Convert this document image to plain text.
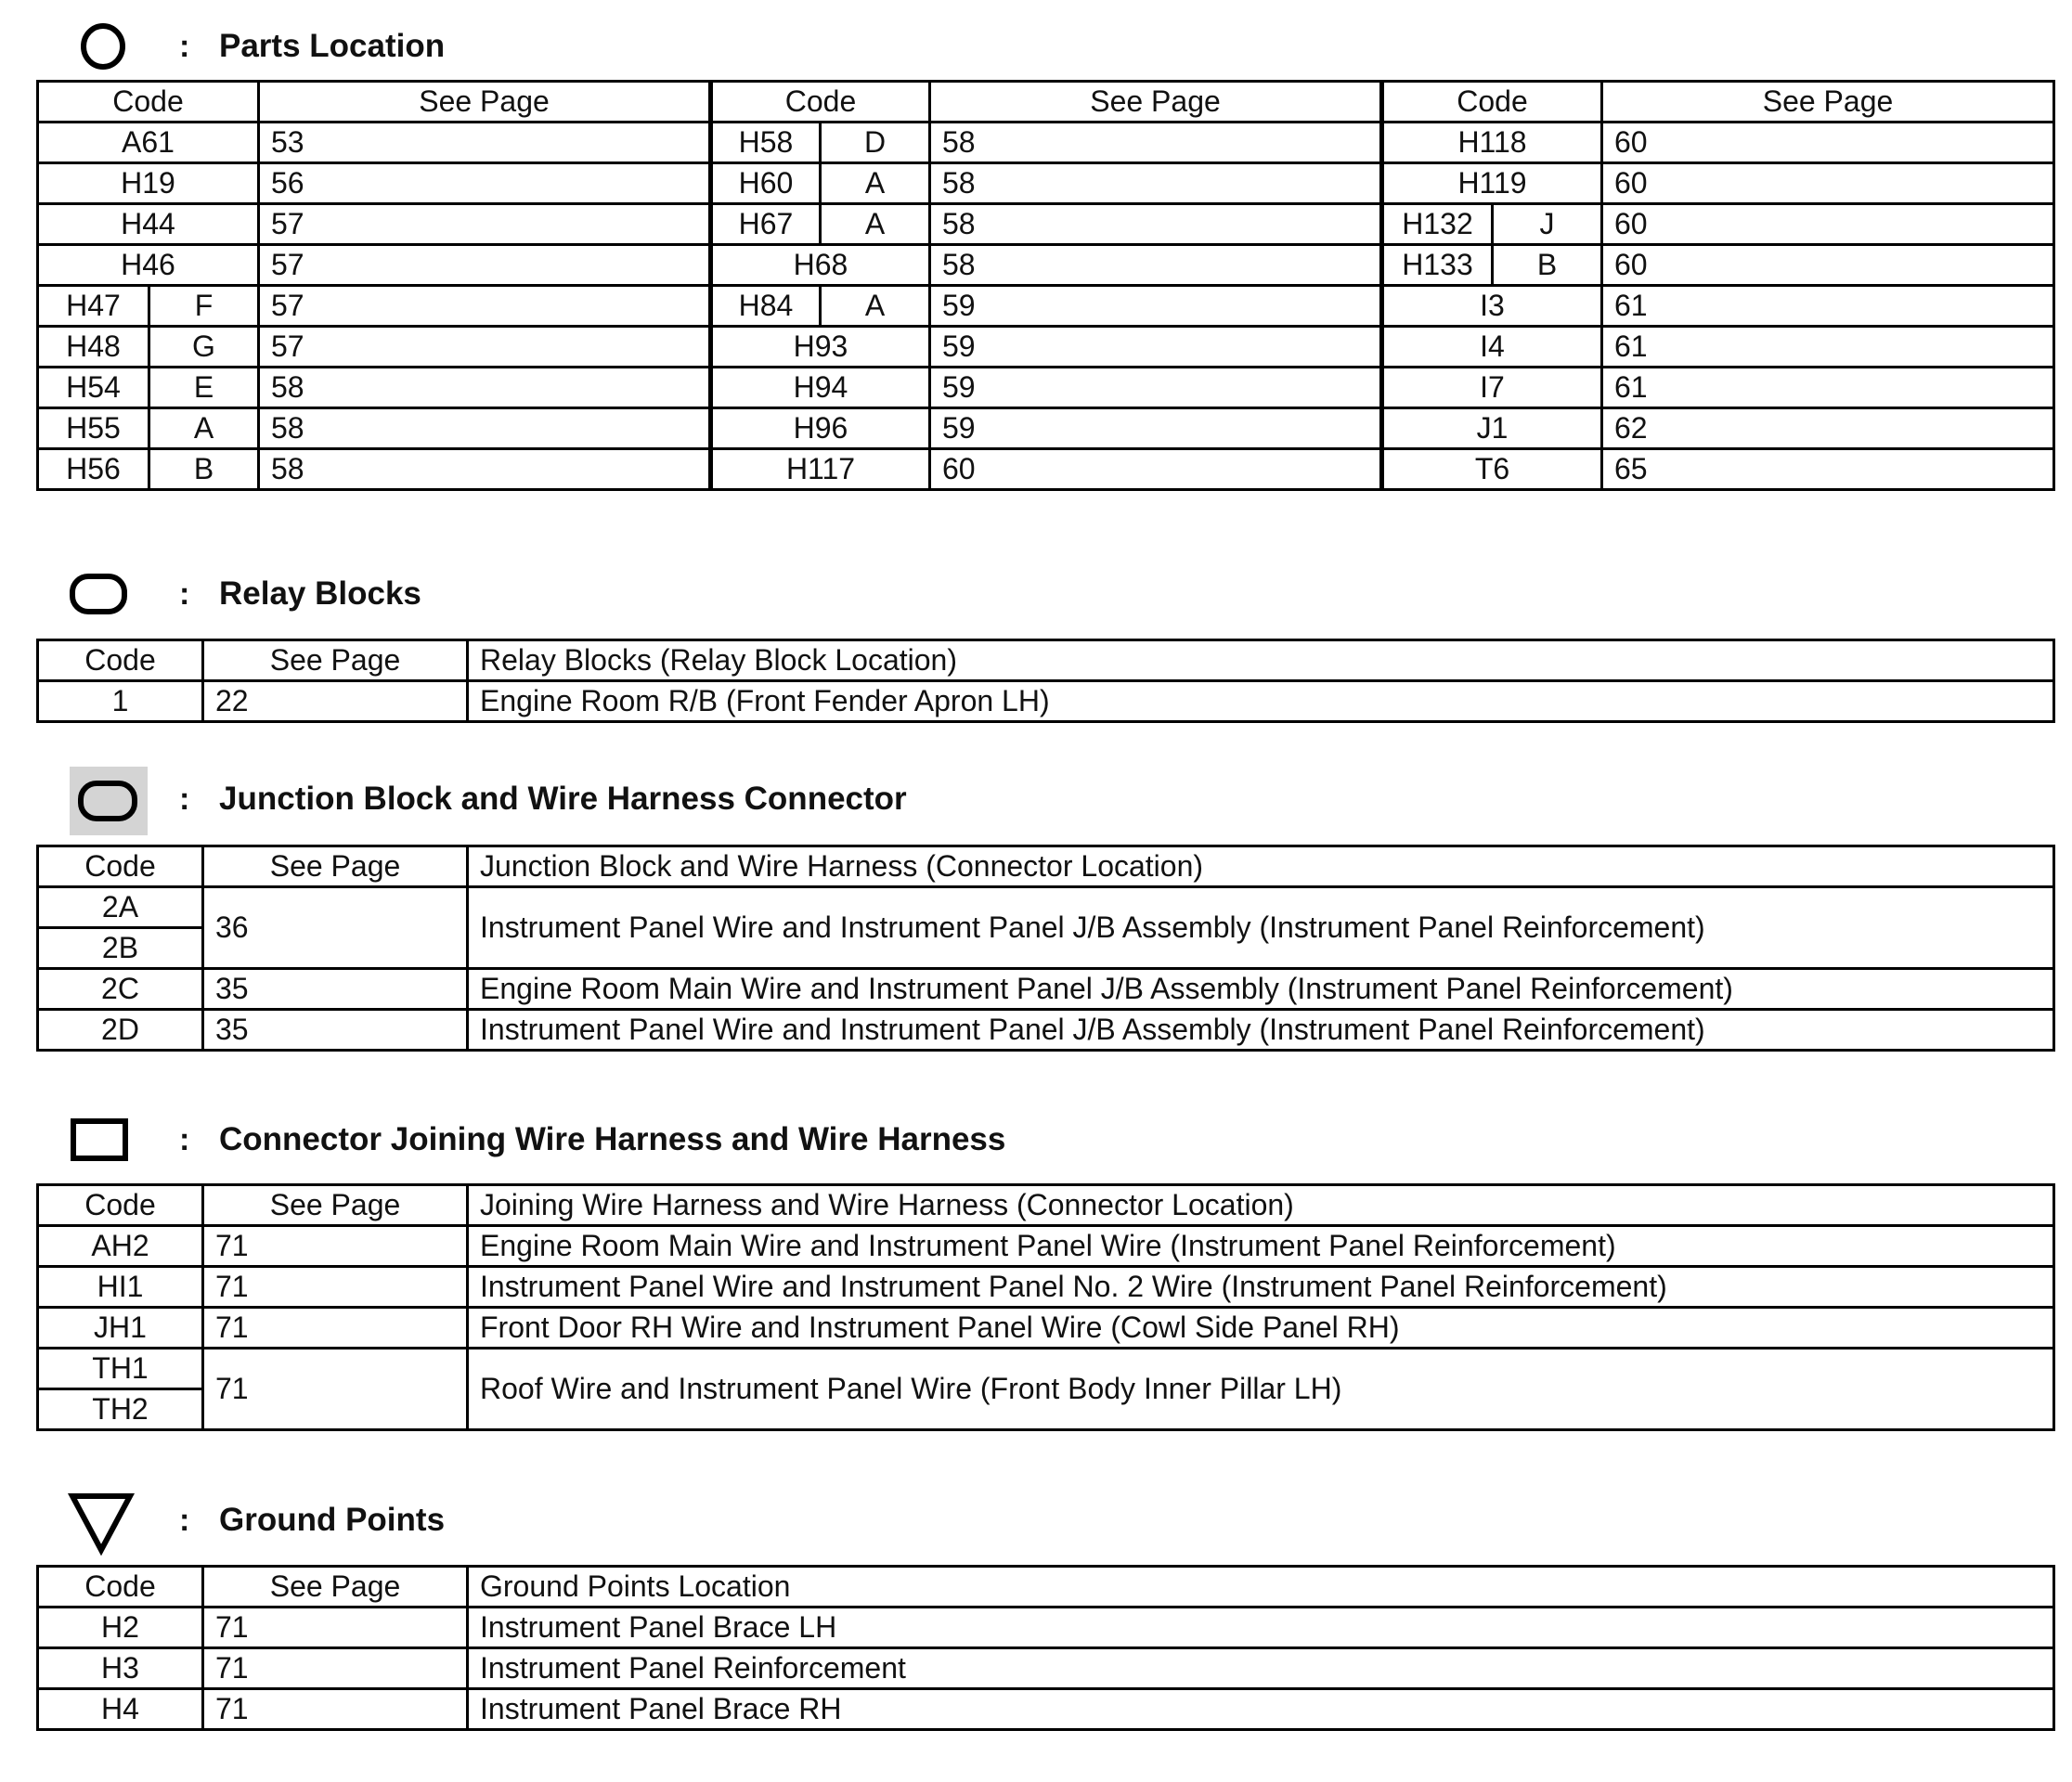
: Parts Location
Code		See Page	Code		See Page	Code		See Page
A61		53	H58	D	58	H118		60
H19		56	H60	A	58	H119		60
H44		57	H67	A	58	H132	J	60
H46		57	H68		58	H133	B	60
H47	F	57	H84	A	59	I3		61
H48	G	57	H93		59	I4		61
H54	E	58	H94		59	I7		61
H55	A	58	H96		59	J1		62
H56	B	58	H117		60	T6		65
: Relay Blocks
Code	See Page	Relay Blocks (Relay Block Location)
1	22	Engine Room R/B (Front Fender Apron LH)
: Junction Block and Wire Harness Connector
Code	See Page	Junction Block and Wire Harness (Connector Location)
2A	36	Instrument Panel Wire and Instrument Panel J/B Assembly (Instrument Panel Reinforcement)
2B		
2C	35	Engine Room Main Wire and Instrument Panel J/B Assembly (Instrument Panel Reinforcement)
2D	35	Instrument Panel Wire and Instrument Panel J/B Assembly (Instrument Panel Reinforcement)
: Connector Joining Wire Harness and Wire Harness
Code	See Page	Joining Wire Harness and Wire Harness (Connector Location)
AH2	71	Engine Room Main Wire and Instrument Panel Wire (Instrument Panel Reinforcement)
HI1	71	Instrument Panel Wire and Instrument Panel No. 2 Wire (Instrument Panel Reinforcement)
JH1	71	Front Door RH Wire and Instrument Panel Wire (Cowl Side Panel RH)
TH1	71	Roof Wire and Instrument Panel Wire (Front Body Inner Pillar LH)
TH2		
: Ground Points
Code	See Page	Ground Points Location
H2	71	Instrument Panel Brace LH
H3	71	Instrument Panel Reinforcement
H4	71	Instrument Panel Brace RH
